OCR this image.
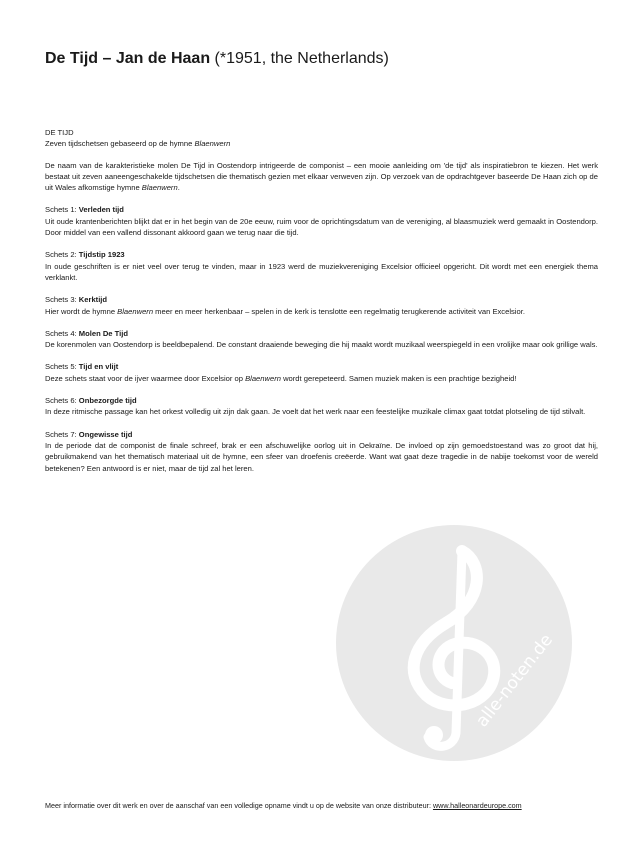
De Tijd – Jan de Haan (*1951, the Netherlands)

DE TIJD
Zeven tijdschetsen gebaseerd op de hymne Blaenwern

De naam van de karakteristieke molen De Tijd in Oostendorp intrigeerde de componist – een mooie aanleiding om 'de tijd' als inspiratiebron te kiezen. Het werk bestaat uit zeven aaneengeschakelde tijdschetsen die thematisch gezien met elkaar verweven zijn. Op verzoek van de opdrachtgever baseerde De Haan zich op de uit Wales afkomstige hymne Blaenwern.

Schets 1: Verleden tijd

Uit oude krantenberichten blijkt dat er in het begin van de 20e eeuw, ruim voor de oprichtingsdatum van de vereniging, al blaasmuziek werd gemaakt in Oostendorp. Door middel van een vallend dissonant akkoord gaan we terug naar die tijd.

Schets 2: Tijdstip 1923

In oude geschriften is er niet veel over terug te vinden, maar in 1923 werd de muziekvereniging Excelsior officieel opgericht. Dit wordt met een energiek thema verklankt.

Schets 3: Kerktijd

Hier wordt de hymne Blaenwern meer en meer herkenbaar – spelen in de kerk is tenslotte een regelmatig terugkerende activiteit van Excelsior.

Schets 4: Molen De Tijd

De korenmolen van Oostendorp is beeldbepalend. De constant draaiende beweging die hij maakt wordt muzikaal weerspiegeld in een vrolijke maar ook grillige wals.

Schets 5: Tijd en vlijt

Deze schets staat voor de ijver waarmee door Excelsior op Blaenwern wordt gerepeteerd. Samen muziek maken is een prachtige bezigheid!

Schets 6: Onbezorgde tijd

In deze ritmische passage kan het orkest volledig uit zijn dak gaan. Je voelt dat het werk naar een feestelijke muzikale climax gaat totdat plotseling de tijd stilvalt.

Schets 7: Ongewisse tijd

In de periode dat de componist de finale schreef, brak er een afschuwelijke oorlog uit in Oekraïne. De invloed op zijn gemoedstoestand was zo groot dat hij, gebruikmakend van het thematisch materiaal uit de hymne, een sfeer van droefenis creëerde. Want wat gaat deze tragedie in de nabije toekomst voor de wereld betekenen? Een antwoord is er niet, maar de tijd zal het leren.

alle-noten.de
Meer informatie over dit werk en over de aanschaf van een volledige opname vindt u op de website van onze distributeur: www.halleonardeurope.com
